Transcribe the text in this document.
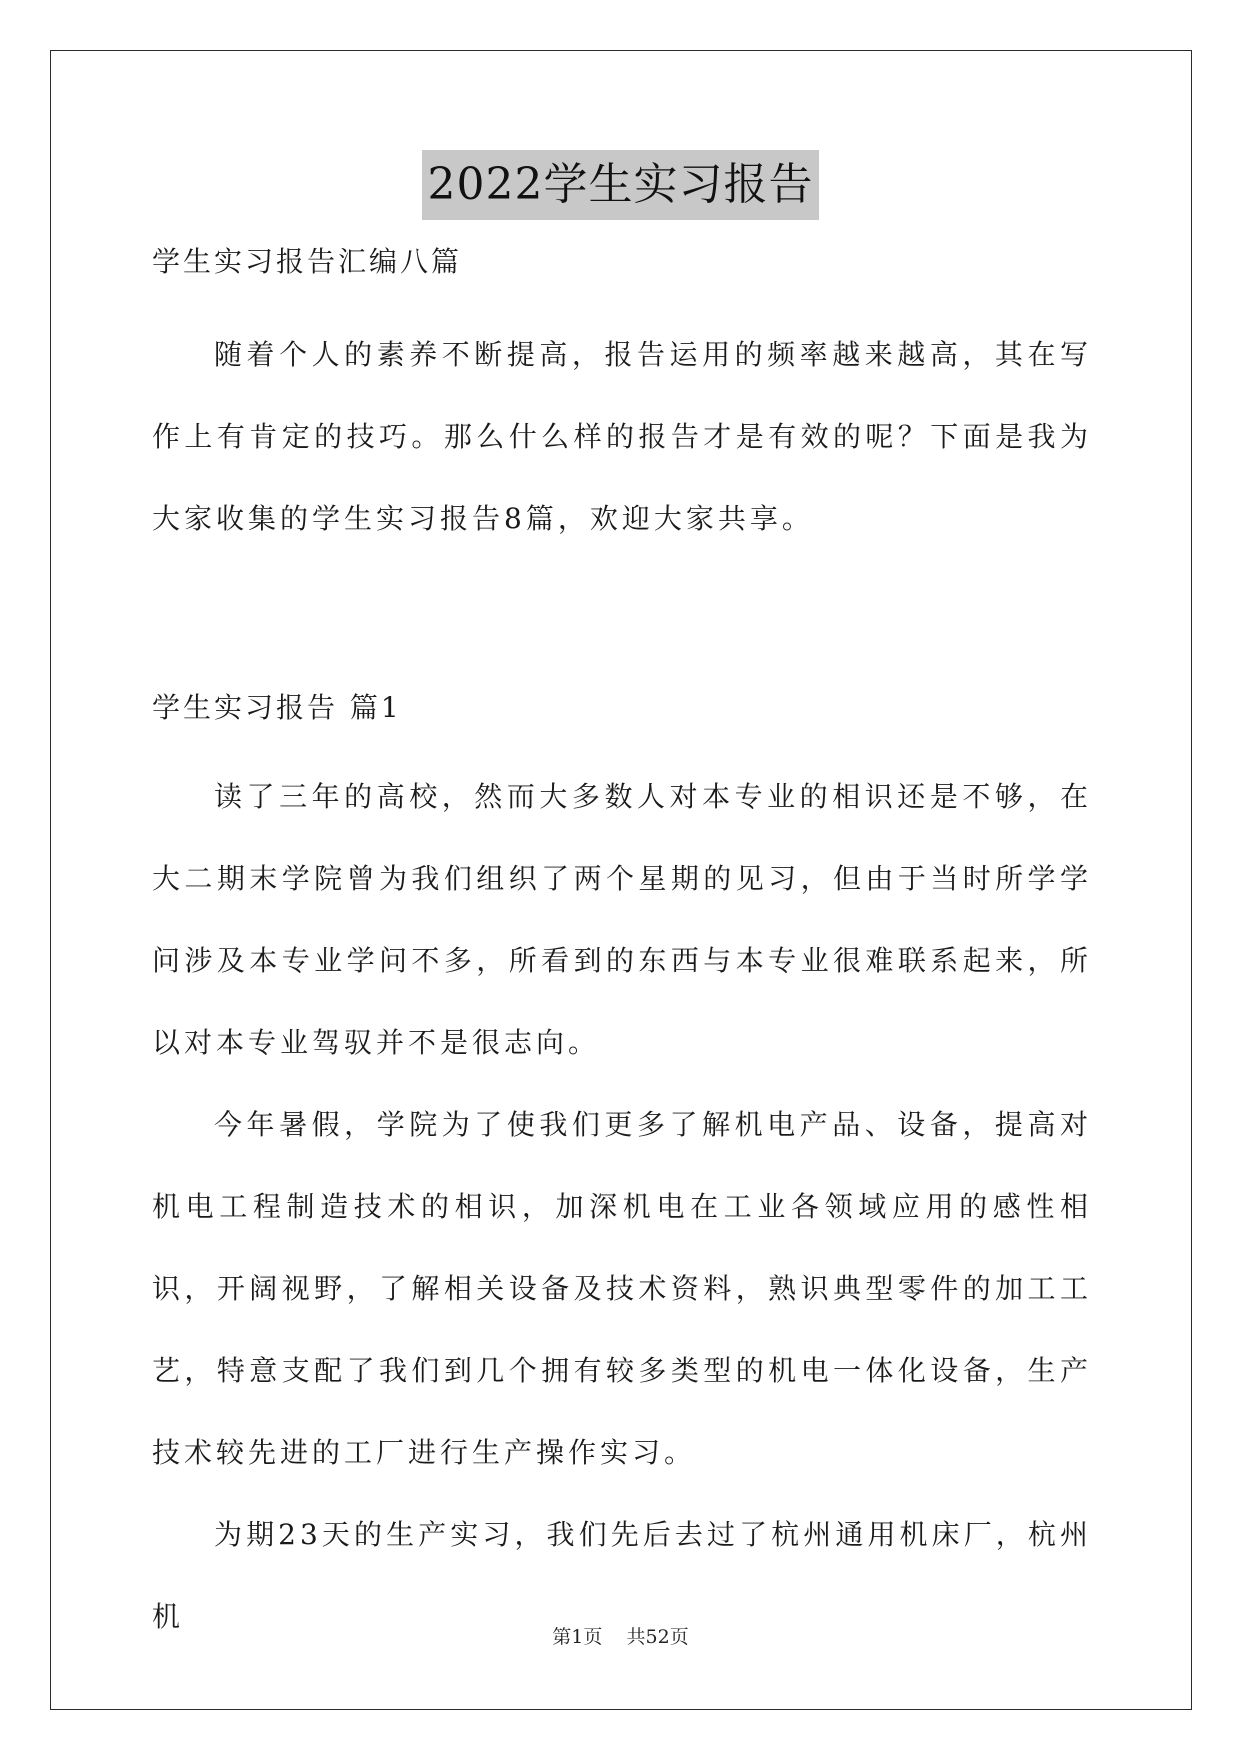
2022学生实习报告
学生实习报告汇编八篇

随着个人的素养不断提高，报告运用的频率越来越高，其在写作上有肯定的技巧。那么什么样的报告才是有效的呢？下面是我为大家收集的学生实习报告8篇，欢迎大家共享。

学生实习报告 篇1

读了三年的高校，然而大多数人对本专业的相识还是不够，在大二期末学院曾为我们组织了两个星期的见习，但由于当时所学学问涉及本专业学问不多，所看到的东西与本专业很难联系起来，所以对本专业驾驭并不是很志向。

今年暑假，学院为了使我们更多了解机电产品、设备，提高对机电工程制造技术的相识，加深机电在工业各领域应用的感性相识，开阔视野，了解相关设备及技术资料，熟识典型零件的加工工艺，特意支配了我们到几个拥有较多类型的机电一体化设备，生产技术较先进的工厂进行生产操作实习。

为期23天的生产实习，我们先后去过了杭州通用机床厂，杭州机

第1页    共52页
